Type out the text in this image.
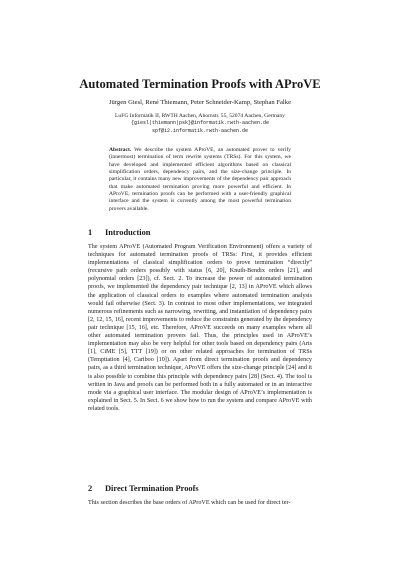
Automated Termination Proofs with AProVE
Jürgen Giesl, René Thiemann, Peter Schneider-Kamp, Stephan Falke
LuFG Informatik II, RWTH Aachen, Ahornstr. 55, 52074 Aachen, Germany
{giesl|thiemann|psk}@informatik.rwth-aachen.de
spf@i2.informatik.rwth-aachen.de
Abstract. We describe the system AProVE, an automated prover to verify (innermost) termination of term rewrite systems (TRSs). For this system, we have developed and implemented efficient algorithms based on classical simplification orders, dependency pairs, and the size-change principle. In particular, it contains many new improvements of the dependency pair approach that make automated termination proving more powerful and efficient. In AProVE, termination proofs can be performed with a user-friendly graphical interface and the system is currently among the most powerful termination provers available.
1 Introduction
The system AProVE (Automated Program Verification Environment) offers a variety of techniques for automated termination proofs of TRSs: First, it provides efficient implementations of classical simplification orders to prove termination “directly” (recursive path orders possibly with status [6, 20], Knuth-Bendix orders [21], and polynomial orders [23]), cf. Sect. 2. To increase the power of automated termination proofs, we implemented the dependency pair technique [2, 13] in AProVE which allows the application of classical orders to examples where automated termination analysis would fail otherwise (Sect. 3). In contrast to most other implementations, we integrated numerous refinements such as narrowing, rewriting, and instantiation of dependency pairs [2, 12, 15, 16], recent improvements to reduce the constraints generated by the dependency pair technique [15, 16], etc. Therefore, AProVE succeeds on many examples where all other automated termination provers fail. Thus, the principles used in AProVE’s implementation may also be very helpful for other tools based on dependency pairs (Arts [1], CiME [5], TTT [19]) or on other related approaches for termination of TRSs (Tempttation [4], Cariboo [10]). Apart from direct termination proofs and dependency pairs, as a third termination technique, AProVE offers the size-change principle [24] and it is also possible to combine this principle with dependency pairs [28] (Sect. 4). The tool is written in Java and proofs can be performed both in a fully automated or in an interactive mode via a graphical user interface. The modular design of AProVE’s implementation is explained in Sect. 5. In Sect. 6 we show how to run the system and compare AProVE with related tools.
2 Direct Termination Proofs
This section describes the base orders of AProVE which can be used for direct ter-
